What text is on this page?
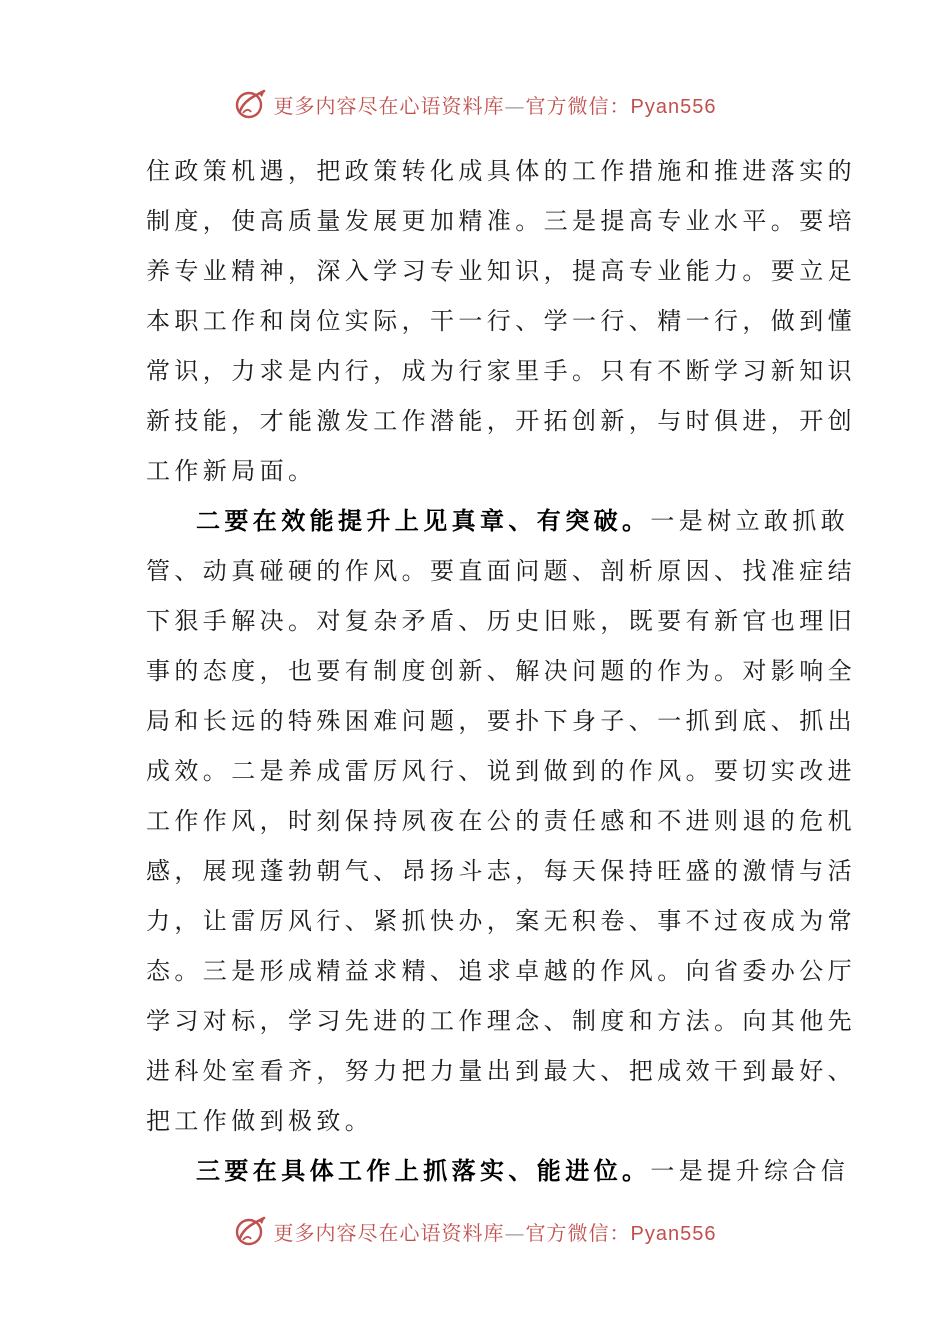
更多内容尽在心语资料库—官方微信：Pyan556
住政策机遇，把政策转化成具体的工作措施和推进落实的
制度，使高质量发展更加精准。三是提高专业水平。要培
养专业精神，深入学习专业知识，提高专业能力。要立足
本职工作和岗位实际，干一行、学一行、精一行，做到懂
常识，力求是内行，成为行家里手。只有不断学习新知识
新技能，才能激发工作潜能，开拓创新，与时俱进，开创
工作新局面。
二要在效能提升上见真章、有突破。一是树立敢抓敢
管、动真碰硬的作风。要直面问题、剖析原因、找准症结
下狠手解决。对复杂矛盾、历史旧账，既要有新官也理旧
事的态度，也要有制度创新、解决问题的作为。对影响全
局和长远的特殊困难问题，要扑下身子、一抓到底、抓出
成效。二是养成雷厉风行、说到做到的作风。要切实改进
工作作风，时刻保持夙夜在公的责任感和不进则退的危机
感，展现蓬勃朝气、昂扬斗志，每天保持旺盛的激情与活
力，让雷厉风行、紧抓快办，案无积卷、事不过夜成为常
态。三是形成精益求精、追求卓越的作风。向省委办公厅
学习对标，学习先进的工作理念、制度和方法。向其他先
进科处室看齐，努力把力量出到最大、把成效干到最好、
把工作做到极致。
三要在具体工作上抓落实、能进位。一是提升综合信
更多内容尽在心语资料库—官方微信：Pyan556
